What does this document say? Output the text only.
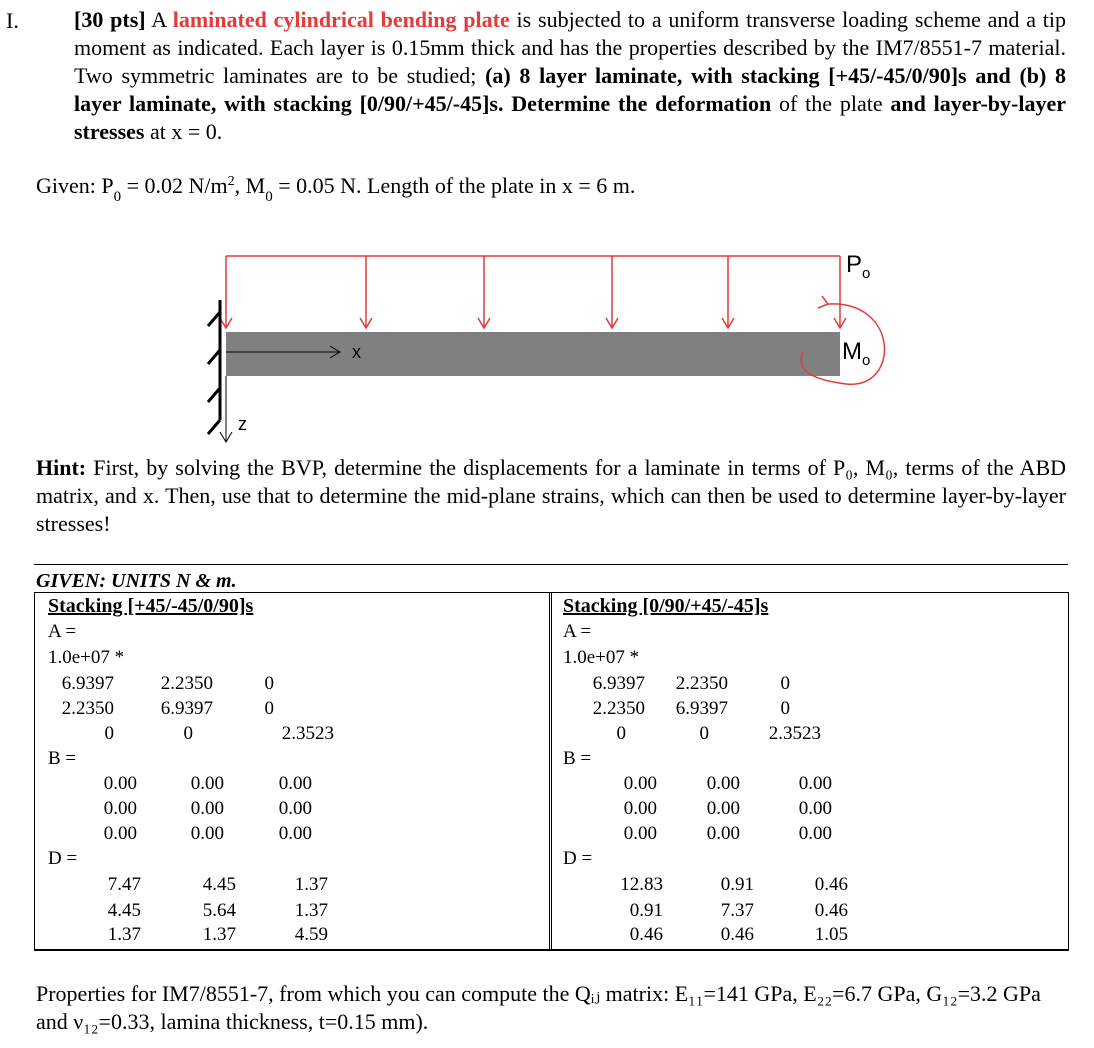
I.	[30 pts] A laminated cylindrical bending plate is subjected to a uniform transverse loading scheme and a tip moment as indicated. Each layer is 0.15mm thick and has the properties described by the IM7/8551-7 material. Two symmetric laminates are to be studied; (a) 8 layer laminate, with stacking [+45/-45/0/90]s and (b) 8 layer laminate, with stacking [0/90/+45/-45]s. Determine the deformation of the plate and layer-by-layer stresses at x = 0.
Given: $P_0 = 0.02$ $N/m^2$, $M_0 = 0.05$ N. Length of the plate in x = 6 m.
x
z
$P_o$
$M_o$
Hint: First, by solving the BVP, determine the displacements for a laminate in terms of P₀, M₀, terms of the ABD matrix, and x. Then, use that to determine the mid-plane strains, which can then be used to determine layer-by-layer stresses!
GIVEN: UNITS N & m.
Stacking [+45/-45/0/90]s
A =
1.0e+07 *
6.9397 2.2350	0
2.2350 6.9397	0
0	0	2.3523
B =
0.00	0.00	0.00
0.00	0.00	0.00
0.00	0.00	0.00
D =
7.47	4.45	1.37
4.45	5.64	1.37
1.37	1.37	4.59
Stacking [0/90/+45/-45]s
A =
1.0e+07 *
6.9397 2.2350	0
2.2350 6.9397	0
0	0	2.3523
B =
0.00	0.00	0.00
0.00	0.00	0.00
0.00	0.00	0.00
D =
12.83	0.91	0.46
0.91	7.37	0.46
0.46	0.46	1.05
Properties for IM7/8551-7, from which you can compute the Qᵢⱼ matrix: E₁₁=141 GPa, E₂₂=6.7 GPa, G₁₂=3.2 GPa and ν₁₂=0.33, lamina thickness, t=0.15 mm).
